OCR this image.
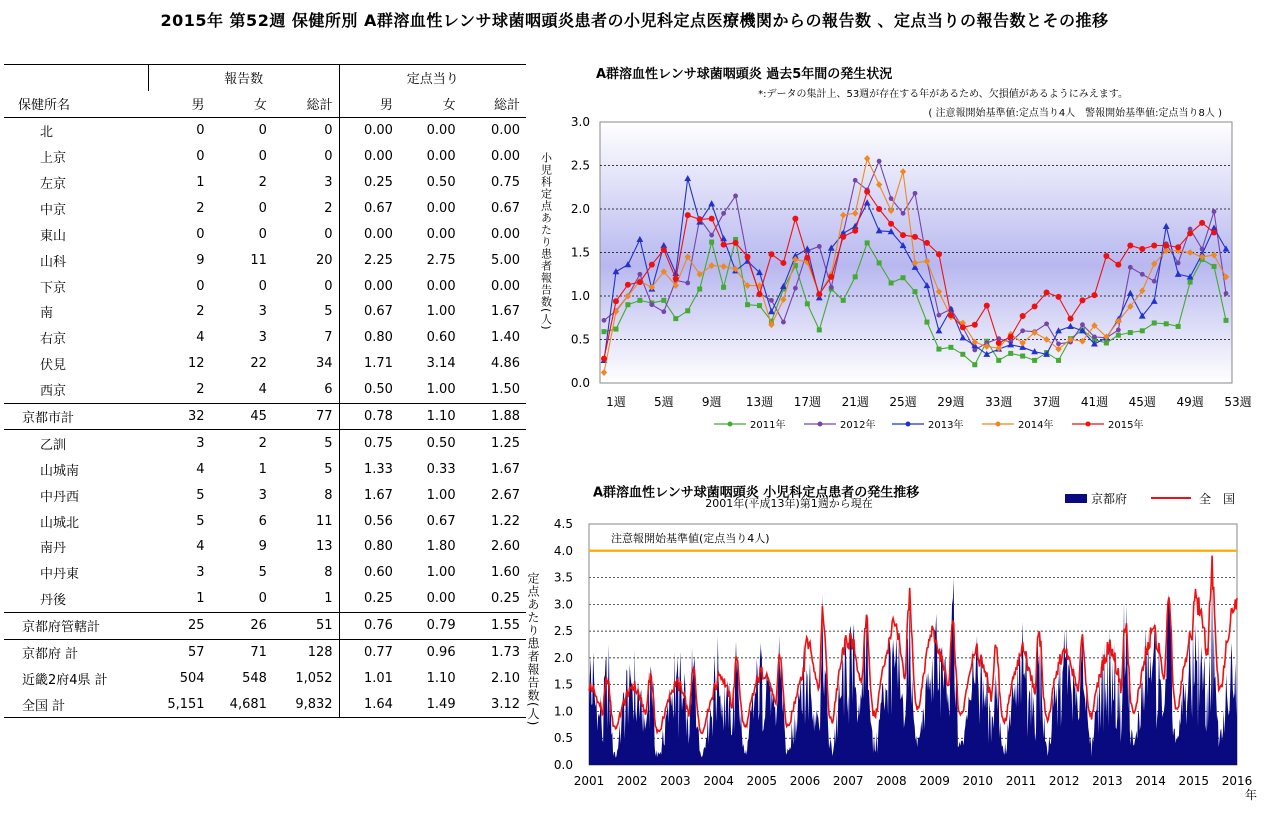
2015年 第52週 保健所別 A群溶血性レンサ球菌咽頭炎患者の小児科定点医療機関からの報告数 、定点当りの報告数とその推移
	報告数			定点当り		
保健所名	男	女	総計	男	女	総計
北	0	0	0	0.00	0.00	0.00
上京	0	0	0	0.00	0.00	0.00
左京	1	2	3	0.25	0.50	0.75
中京	2	0	2	0.67	0.00	0.67
東山	0	0	0	0.00	0.00	0.00
山科	9	11	20	2.25	2.75	5.00
下京	0	0	0	0.00	0.00	0.00
南	2	3	5	0.67	1.00	1.67
右京	4	3	7	0.80	0.60	1.40
伏見	12	22	34	1.71	3.14	4.86
西京	2	4	6	0.50	1.00	1.50
京都市計	32	45	77	0.78	1.10	1.88
乙訓	3	2	5	0.75	0.50	1.25
山城南	4	1	5	1.33	0.33	1.67
中丹西	5	3	8	1.67	1.00	2.67
山城北	5	6	11	0.56	0.67	1.22
南丹	4	9	13	0.80	1.80	2.60
中丹東	3	5	8	0.60	1.00	1.60
丹後	1	0	1	0.25	0.00	0.25
京都府管轄計	25	26	51	0.76	0.79	1.55
京都府 計	57	71	128	0.77	0.96	1.73
近畿2府4県 計	504	548	1,052	1.01	1.10	2.10
全国 計	5,151	4,681	9,832	1.64	1.49	3.12
A群溶血性レンサ球菌咽頭炎 過去5年間の発生状況
*:データの集計上、53週が存在する年があるため、欠損値があるようにみえます。
( 注意報開始基準値:定点当り4人　警報開始基準値:定点当り8人 )
0.0
0.5
1.0
1.5
2.0
2.5
3.0
1週 5週 9週 13週 17週 21週 25週 29週 33週 37週 41週 45週 49週 53週
小児科定点あたり患者報告数(人)
2011年	2012年	2013年	2014年	2015年
A群溶血性レンサ球菌咽頭炎 小児科定点患者の発生推移
2001年(平成13年)第1週から現在	京都府	全　国
注意報開始基準値(定点当り4人)
0.0
0.5
1.0
1.5
2.0
2.5
3.0
3.5
4.0
4.5
2001 2002 2003 2004 2005 2006 2007 2008 2009 2010 2011 2012 2013 2014 2015 2016
年
定点あたり患者報告数(人)
